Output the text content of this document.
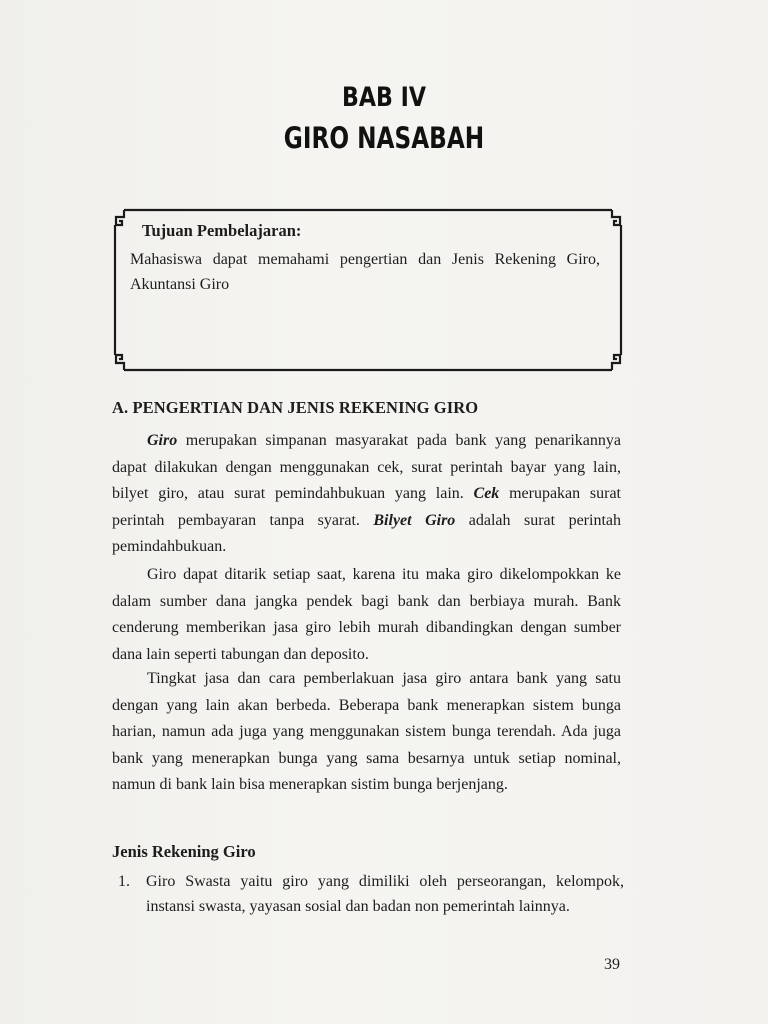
BAB IV
GIRO NASABAH
Tujuan Pembelajaran:
Mahasiswa dapat memahami pengertian dan Jenis Rekening Giro, Akuntansi Giro
A. PENGERTIAN DAN JENIS REKENING GIRO

Giro merupakan simpanan masyarakat pada bank yang penarikannya dapat dilakukan dengan menggunakan cek, surat perintah bayar yang lain, bilyet giro, atau surat pemindahbukuan yang lain. Cek merupakan surat perintah pembayaran tanpa syarat. Bilyet Giro adalah surat perintah pemindahbukuan.

Giro dapat ditarik setiap saat, karena itu maka giro dikelompokkan ke dalam sumber dana jangka pendek bagi bank dan berbiaya murah. Bank cenderung memberikan jasa giro lebih murah dibandingkan dengan sumber dana lain seperti tabungan dan deposito.

Tingkat jasa dan cara pemberlakuan jasa giro antara bank yang satu dengan yang lain akan berbeda. Beberapa bank menerapkan sistem bunga harian, namun ada juga yang menggunakan sistem bunga terendah. Ada juga bank yang menerapkan bunga yang sama besarnya untuk setiap nominal, namun di bank lain bisa menerapkan sistim bunga berjenjang.

Jenis Rekening Giro
1. Giro Swasta yaitu giro yang dimiliki oleh perseorangan, kelompok, instansi swasta, yayasan sosial dan badan non pemerintah lainnya.
39
